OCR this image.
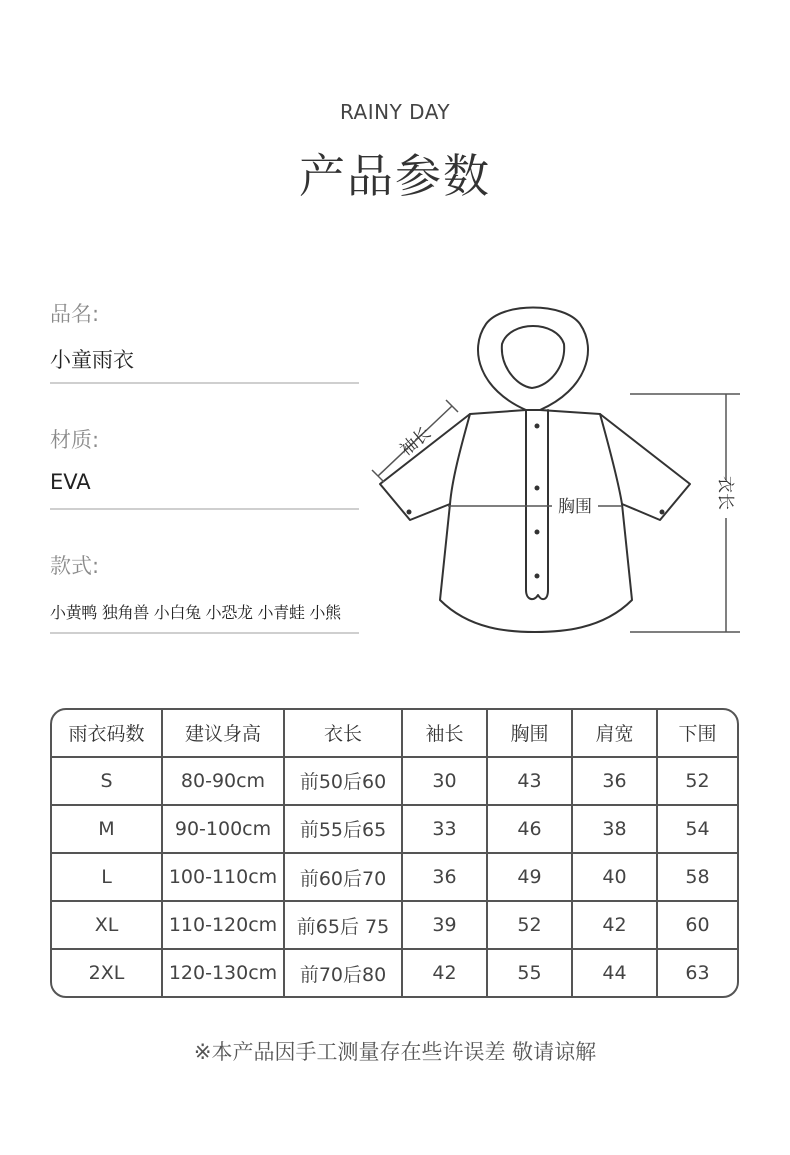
RAINY DAY
产品参数
品名:
小童雨衣
材质:
EVA
款式:
小黄鸭 独角兽 小白兔 小恐龙 小青蛙 小熊
袖长
胸围	衣长
雨衣码数	建议身高	衣长	袖长	胸围	肩宽	下围
S	80-90cm	前50后60	30	43	36	52
M	90-100cm	前55后65	33	46	38	54
L	100-110cm	前60后70	36	49	40	58
XL	110-120cm	前65后 75	39	52	42	60
2XL	120-130cm	前70后80	42	55	44	63
※本产品因手工测量存在些许误差 敬请谅解
